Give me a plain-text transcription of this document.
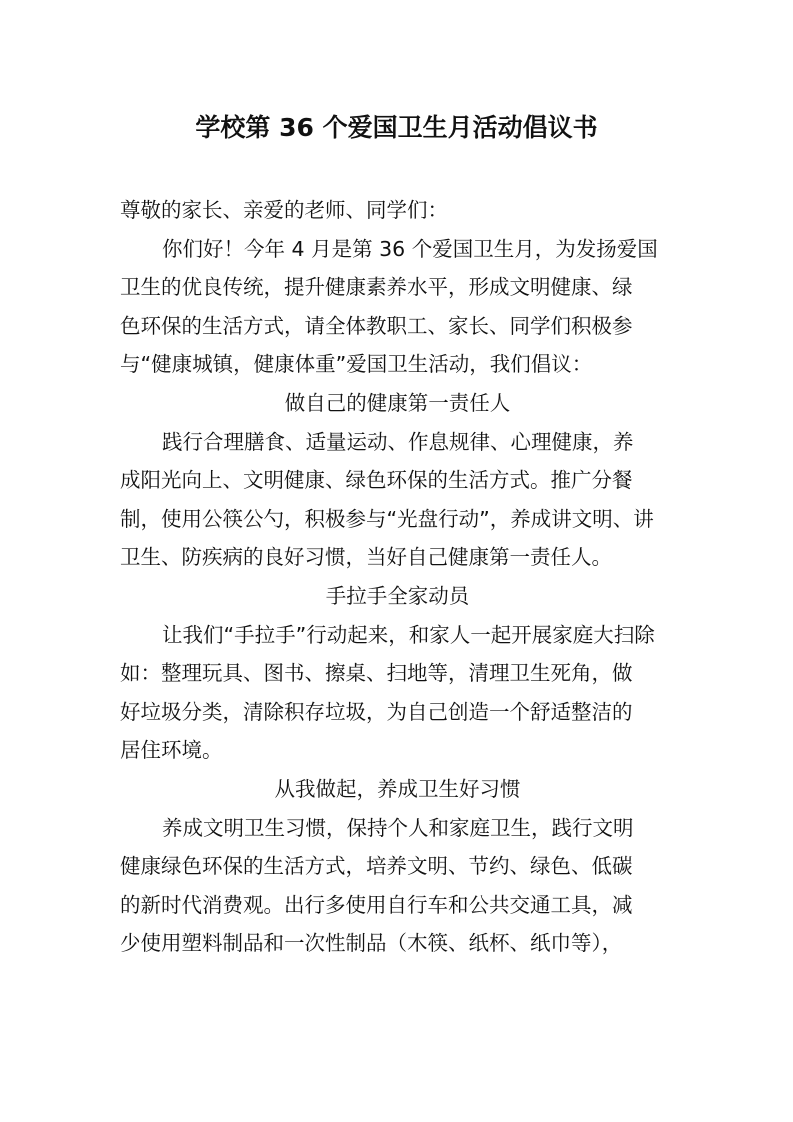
学校第 36 个爱国卫生月活动倡议书
尊敬的家长、亲爱的老师、同学们：
你们好！今年 4 月是第 36 个爱国卫生月，为发扬爱国
卫生的优良传统，提升健康素养水平，形成文明健康、绿
色环保的生活方式，请全体教职工、家长、同学们积极参
与“健康城镇，健康体重”爱国卫生活动，我们倡议：
做自己的健康第一责任人
践行合理膳食、适量运动、作息规律、心理健康，养
成阳光向上、文明健康、绿色环保的生活方式。推广分餐
制，使用公筷公勺，积极参与“光盘行动”，养成讲文明、讲
卫生、防疾病的良好习惯，当好自己健康第一责任人。
手拉手全家动员
让我们“手拉手”行动起来，和家人一起开展家庭大扫除
如：整理玩具、图书、擦桌、扫地等，清理卫生死角，做
好垃圾分类，清除积存垃圾，为自己创造一个舒适整洁的
居住环境。
从我做起，养成卫生好习惯
养成文明卫生习惯，保持个人和家庭卫生，践行文明
健康绿色环保的生活方式，培养文明、节约、绿色、低碳
的新时代消费观。出行多使用自行车和公共交通工具，减
少使用塑料制品和一次性制品（木筷、纸杯、纸巾等），
